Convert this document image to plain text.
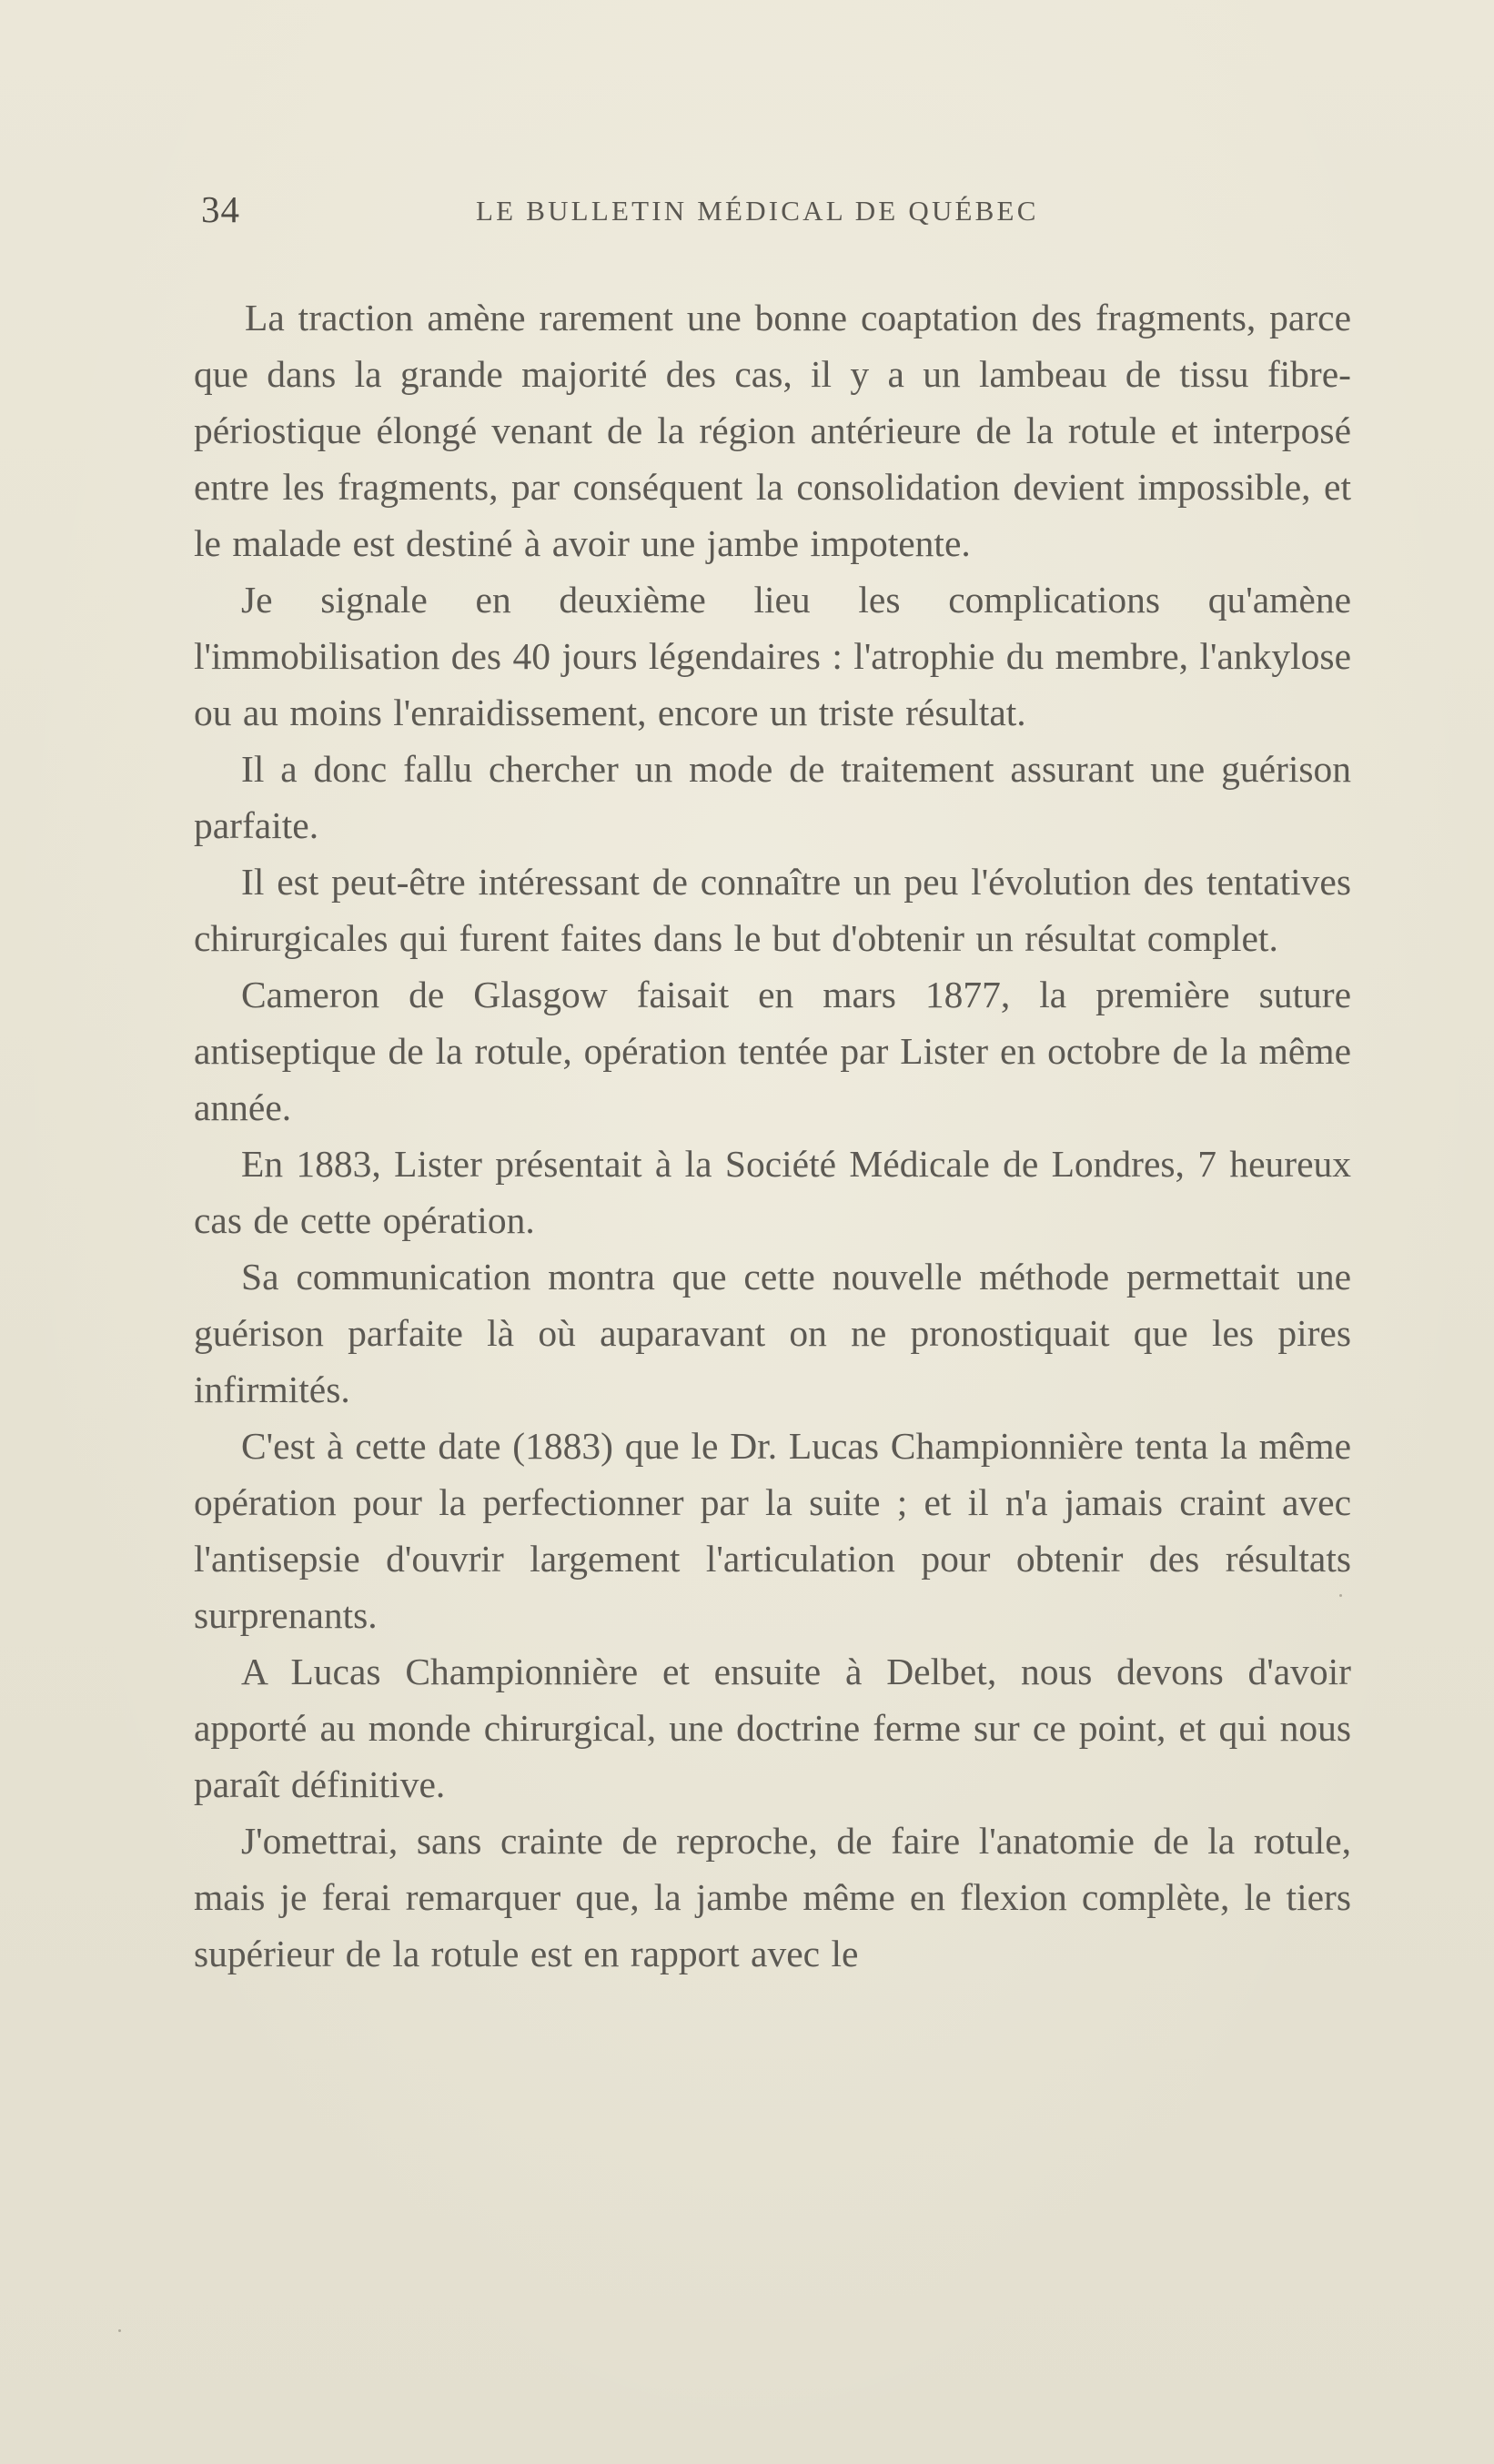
34	LE BULLETIN MÉDICAL DE QUÉBEC

La traction amène rarement une bonne coaptation des fragments, parce que dans la grande majorité des cas, il y a un lambeau de tissu fibre-périostique élongé venant de la région antérieure de la rotule et interposé entre les fragments, par conséquent la consolidation devient impossible, et le malade est destiné à avoir une jambe impotente.

Je signale en deuxième lieu les complications qu'amène l'immobilisation des 40 jours légendaires : l'atrophie du membre, l'ankylose ou au moins l'enraidissement, encore un triste résultat.

Il a donc fallu chercher un mode de traitement assurant une guérison parfaite.

Il est peut-être intéressant de connaître un peu l'évolution des tentatives chirurgicales qui furent faites dans le but d'obtenir un résultat complet.

Cameron de Glasgow faisait en mars 1877, la première suture antiseptique de la rotule, opération tentée par Lister en octobre de la même année.

En 1883, Lister présentait à la Société Médicale de Londres, 7 heureux cas de cette opération.

Sa communication montra que cette nouvelle méthode permettait une guérison parfaite là où auparavant on ne pronostiquait que les pires infirmités.

C'est à cette date (1883) que le Dr. Lucas Championnière tenta la même opération pour la perfectionner par la suite ; et il n'a jamais craint avec l'antisepsie d'ouvrir largement l'articulation pour obtenir des résultats surprenants.

A Lucas Championnière et ensuite à Delbet, nous devons d'avoir apporté au monde chirurgical, une doctrine ferme sur ce point, et qui nous paraît définitive.

J'omettrai, sans crainte de reproche, de faire l'anatomie de la rotule, mais je ferai remarquer que, la jambe même en flexion complète, le tiers supérieur de la rotule est en rapport avec le
